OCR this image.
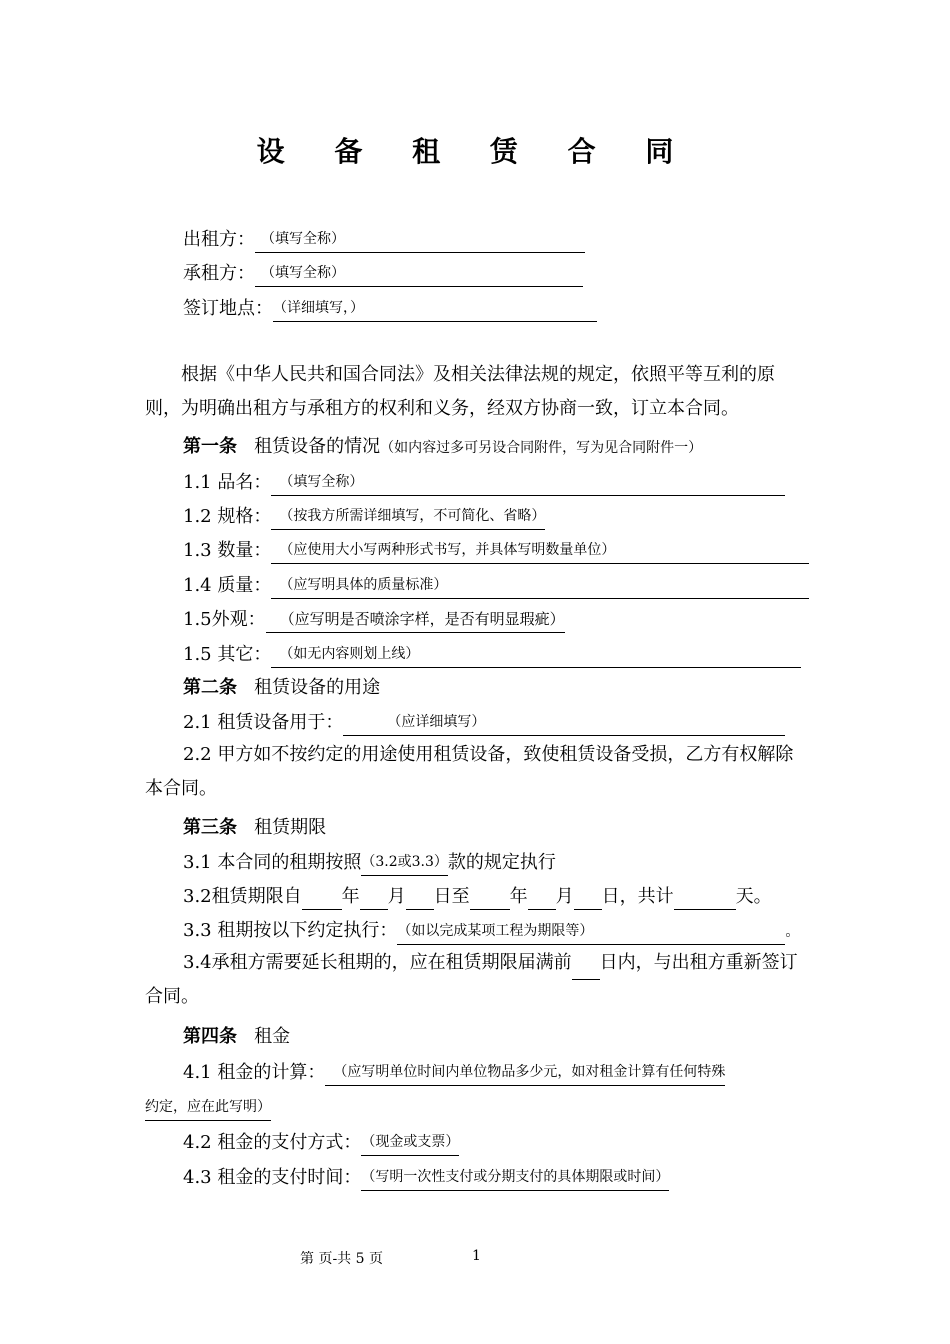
设 备 租 赁 合 同
出租方： （填写全称）
承租方： （填写全称）
签订地点：（详细填写，）
根据《中华人民共和国合同法》及相关法律法规的规定，依照平等互利的原则，为明确出租方与承租方的权利和义务，经双方协商一致，订立本合同。
第一条 租赁设备的情况（如内容过多可另设合同附件，写为见合同附件一）
1.1 品名： （填写全称）
1.2 规格： （按我方所需详细填写，不可简化、省略）
1.3 数量： （应使用大小写两种形式书写，并具体写明数量单位）
1.4 质量： （应写明具体的质量标准）
1.5外观： （应写明是否喷涂字样，是否有明显瑕疵）
1.5 其它： （如无内容则划上线）
第二条 租赁设备的用途
2.1 租赁设备用于：	（应详细填写）
2.2 甲方如不按约定的用途使用租赁设备，致使租赁设备受损，乙方有权解除本合同。
第三条 租赁期限
3.1 本合同的租期按照（3.2或3.3）款的规定执行
3.2租赁期限自 年 月 日至 年 月 日，共计	天。
3.3 租期按以下约定执行：（如以完成某项工程为期限等）	。
3.4承租方需要延长租期的，应在租赁期限届满前 日内，与出租方重新签订合同。
第四条 租金
4.1 租金的计算： （应写明单位时间内单位物品多少元，如对租金计算有任何特殊
约定，应在此写明）
4.2 租金的支付方式：（现金或支票）
4.3 租金的支付时间：（写明一次性支付或分期支付的具体期限或时间）
第 页-共 5 页	1
